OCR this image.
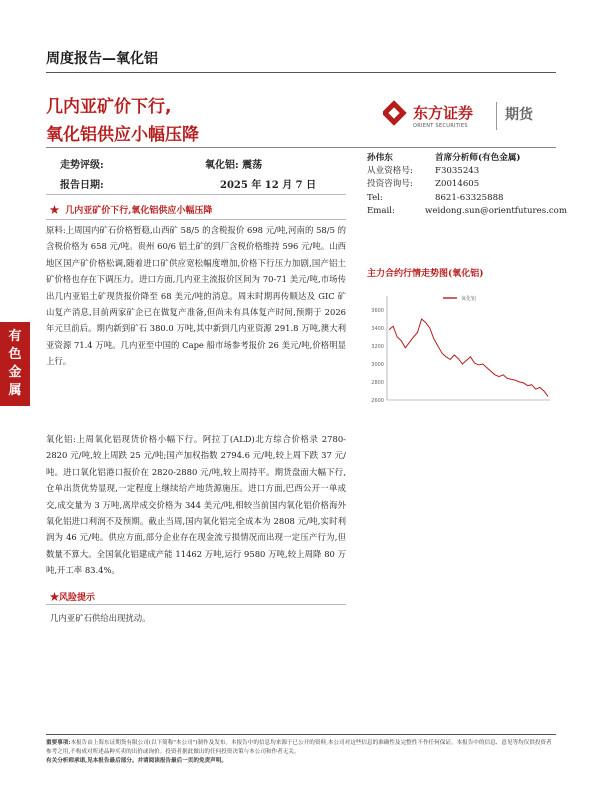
周度报告—氧化铝
几内亚矿价下行,
氧化铝供应小幅压降
东方证券
ORIENT SECURITIES
期货
走势评级:	氧化铝: 震荡
报告日期:	2025 年 12 月 7 日
孙伟东	首席分析师(有色金属)
从业资格号:	F3035243
投资咨询号:	Z0014605
Tel:	8621-63325888
Email:	weidong.sun@orientfutures.com
★ 几内亚矿价下行,氧化铝供应小幅压降
原料:上周国内矿石价格暂稳,山西矿 58/5 的含税报价 698 元/吨,河南的 58/5 的含税价格为 658 元/吨。贵州 60/6 铝土矿的到厂含税价格维持 596 元/吨。山西地区国产矿价格松调,随着进口矿供应宽松幅度增加,价格下行压力加剧,国产铝土矿价格也存在下调压力。进口方面,几内亚主流报价区间为 70-71 美元/吨,市场传出几内亚铝土矿现货报价降至 68 美元/吨的消息。周末时期再传顺达及 GIC 矿山复产消息,目前两家矿企已在做复产准备,但尚未有具体复产时间,预期于 2026 年元旦前后。期内新到矿石 380.0 万吨,其中新到几内亚资源 291.8 万吨,澳大利亚资源 71.4 万吨。几内亚至中国的 Cape 船市场参考报价 26 美元/吨,价格明显上行。
氧化铝:上周氧化铝现货价格小幅下行。阿拉丁(ALD)北方综合价格录 2780-2820 元/吨,较上周跌 25 元/吨;国产加权指数 2794.6 元/吨,较上周下跌 37 元/吨。进口氧化铝港口报价在 2820-2880 元/吨,较上周持平。期货盘面大幅下行,仓单出货优势显现,一定程度上继续给产地货源施压。进口方面,巴西公开一单成交,成交量为 3 万吨,离岸成交价格为 344 美元/吨,相较当前国内氧化铝价格海外氧化铝进口利润不及预期。截止当周,国内氧化铝完全成本为 2808 元/吨,实时利润为 46 元/吨。供应方面,部分企业存在现金流亏损情况而出现一定压产行为,但数量不算大。全国氧化铝建成产能 11462 万吨,运行 9580 万吨,较上周降 80 万吨,开工率 83.4%。
★风险提示
几内亚矿石供给出现扰动。
有
色
金
属
主力合约行情走势图(氧化铝)
2600
2800
3000
3200
3400
3600
氧化铝
重要事项:本报告由上海东证期货有限公司(以下简称"本公司")制作及发布。本报告中的信息均来源于已公开的资料,本公司对这些信息的准确性及完整性不作任何保证。本报告中的信息、意见等均仅供投资者参考之用,不构成对所述品种买卖的出价或询价。投资者据此做出的任何投资决策与本公司和作者无关。
有关分析师承诺,见本报告最后部分。并请阅读报告最后一页的免责声明。
